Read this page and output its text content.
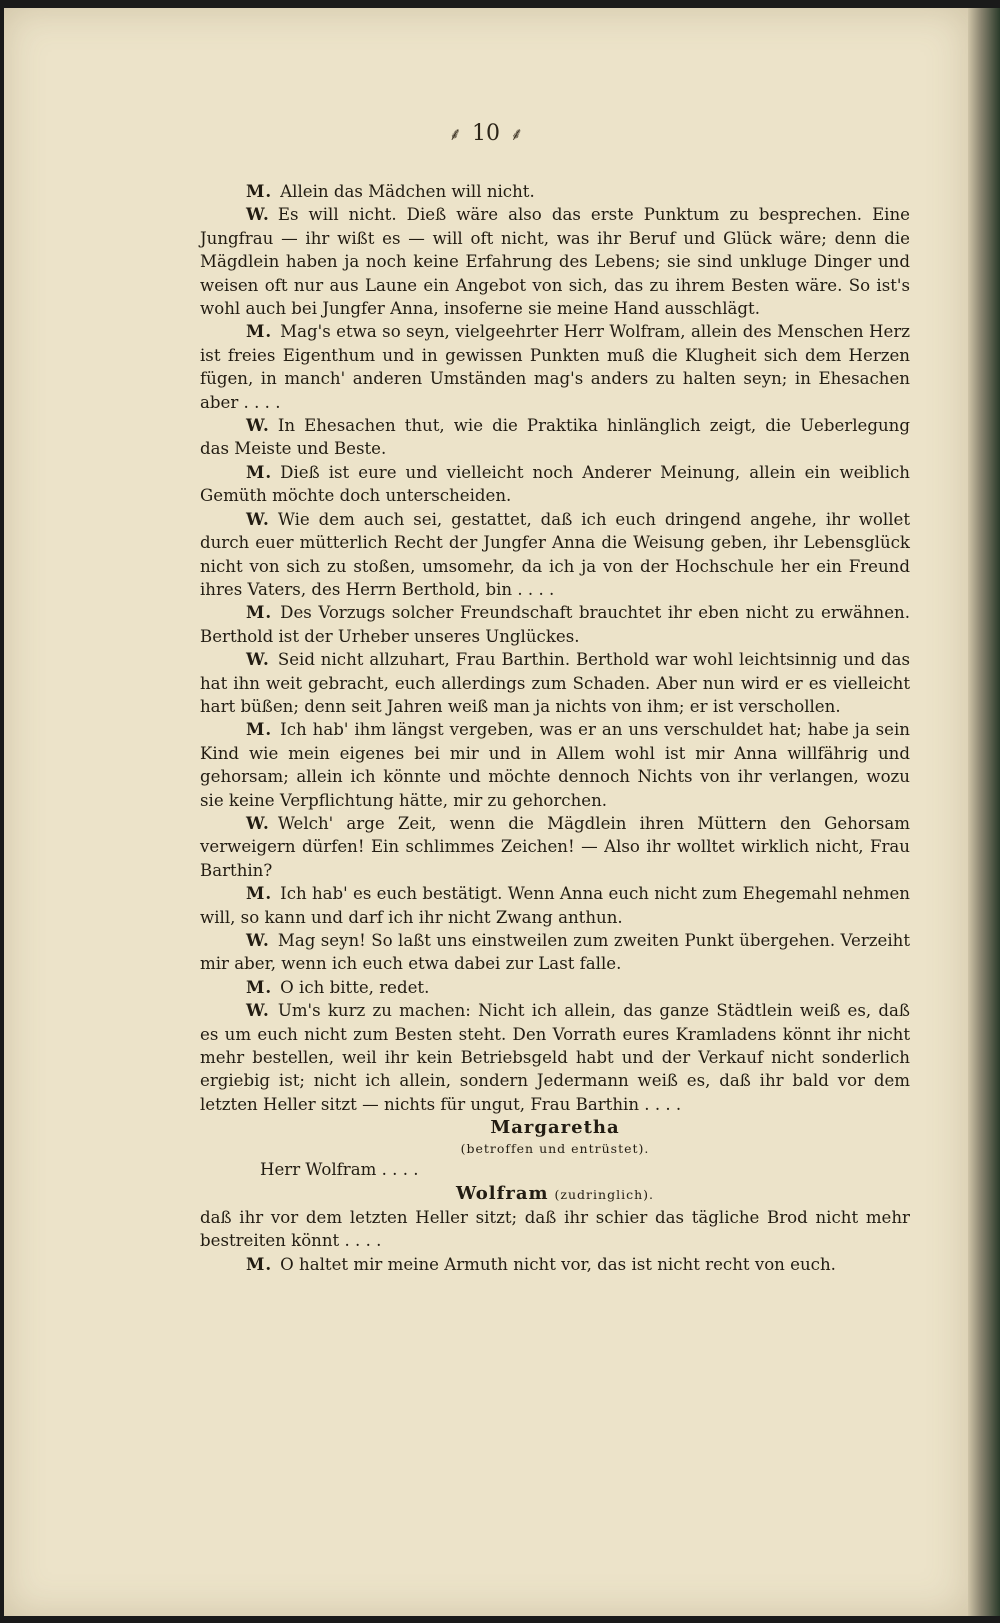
⸙ 10 ⸙

M. Allein das Mädchen will nicht.

W. Es will nicht. Dieß wäre also das erste Punktum zu besprechen. Eine Jungfrau — ihr wißt es — will oft nicht, was ihr Beruf und Glück wäre; denn die Mägdlein haben ja noch keine Erfahrung des Lebens; sie sind unkluge Dinger und weisen oft nur aus Laune ein Angebot von sich, das zu ihrem Besten wäre. So ist's wohl auch bei Jungfer Anna, insoferne sie meine Hand ausschlägt.

M. Mag's etwa so seyn, vielgeehrter Herr Wolfram, allein des Menschen Herz ist freies Eigenthum und in gewissen Punkten muß die Klugheit sich dem Herzen fügen, in manch' anderen Umständen mag's anders zu halten seyn; in Ehesachen aber . . . .

W. In Ehesachen thut, wie die Praktika hinlänglich zeigt, die Ueberlegung das Meiste und Beste.

M. Dieß ist eure und vielleicht noch Anderer Meinung, allein ein weiblich Gemüth möchte doch unterscheiden.

W. Wie dem auch sei, gestattet, daß ich euch dringend angehe, ihr wollet durch euer mütterlich Recht der Jungfer Anna die Weisung geben, ihr Lebensglück nicht von sich zu stoßen, umsomehr, da ich ja von der Hochschule her ein Freund ihres Vaters, des Herrn Berthold, bin . . . .

M. Des Vorzugs solcher Freundschaft brauchtet ihr eben nicht zu erwähnen. Berthold ist der Urheber unseres Unglückes.

W. Seid nicht allzuhart, Frau Barthin. Berthold war wohl leichtsinnig und das hat ihn weit gebracht, euch allerdings zum Schaden. Aber nun wird er es vielleicht hart büßen; denn seit Jahren weiß man ja nichts von ihm; er ist verschollen.

M. Ich hab' ihm längst vergeben, was er an uns verschuldet hat; habe ja sein Kind wie mein eigenes bei mir und in Allem wohl ist mir Anna willfährig und gehorsam; allein ich könnte und möchte dennoch Nichts von ihr verlangen, wozu sie keine Verpflichtung hätte, mir zu gehorchen.

W. Welch' arge Zeit, wenn die Mägdlein ihren Müttern den Gehorsam verweigern dürfen! Ein schlimmes Zeichen! — Also ihr wolltet wirklich nicht, Frau Barthin?

M. Ich hab' es euch bestätigt. Wenn Anna euch nicht zum Ehegemahl nehmen will, so kann und darf ich ihr nicht Zwang anthun.

W. Mag seyn! So laßt uns einstweilen zum zweiten Punkt übergehen. Verzeiht mir aber, wenn ich euch etwa dabei zur Last falle.

M. O ich bitte, redet.

W. Um's kurz zu machen: Nicht ich allein, das ganze Städtlein weiß es, daß es um euch nicht zum Besten steht. Den Vorrath eures Kramladens könnt ihr nicht mehr bestellen, weil ihr kein Betriebsgeld habt und der Verkauf nicht sonderlich ergiebig ist; nicht ich allein, sondern Jedermann weiß es, daß ihr bald vor dem letzten Heller sitzt — nichts für ungut, Frau Barthin . . . .

Margaretha
(betroffen und entrüstet).

Herr Wolfram . . . .

Wolfram (zudringlich).

daß ihr vor dem letzten Heller sitzt; daß ihr schier das tägliche Brod nicht mehr bestreiten könnt . . . .

M. O haltet mir meine Armuth nicht vor, das ist nicht recht von euch.
